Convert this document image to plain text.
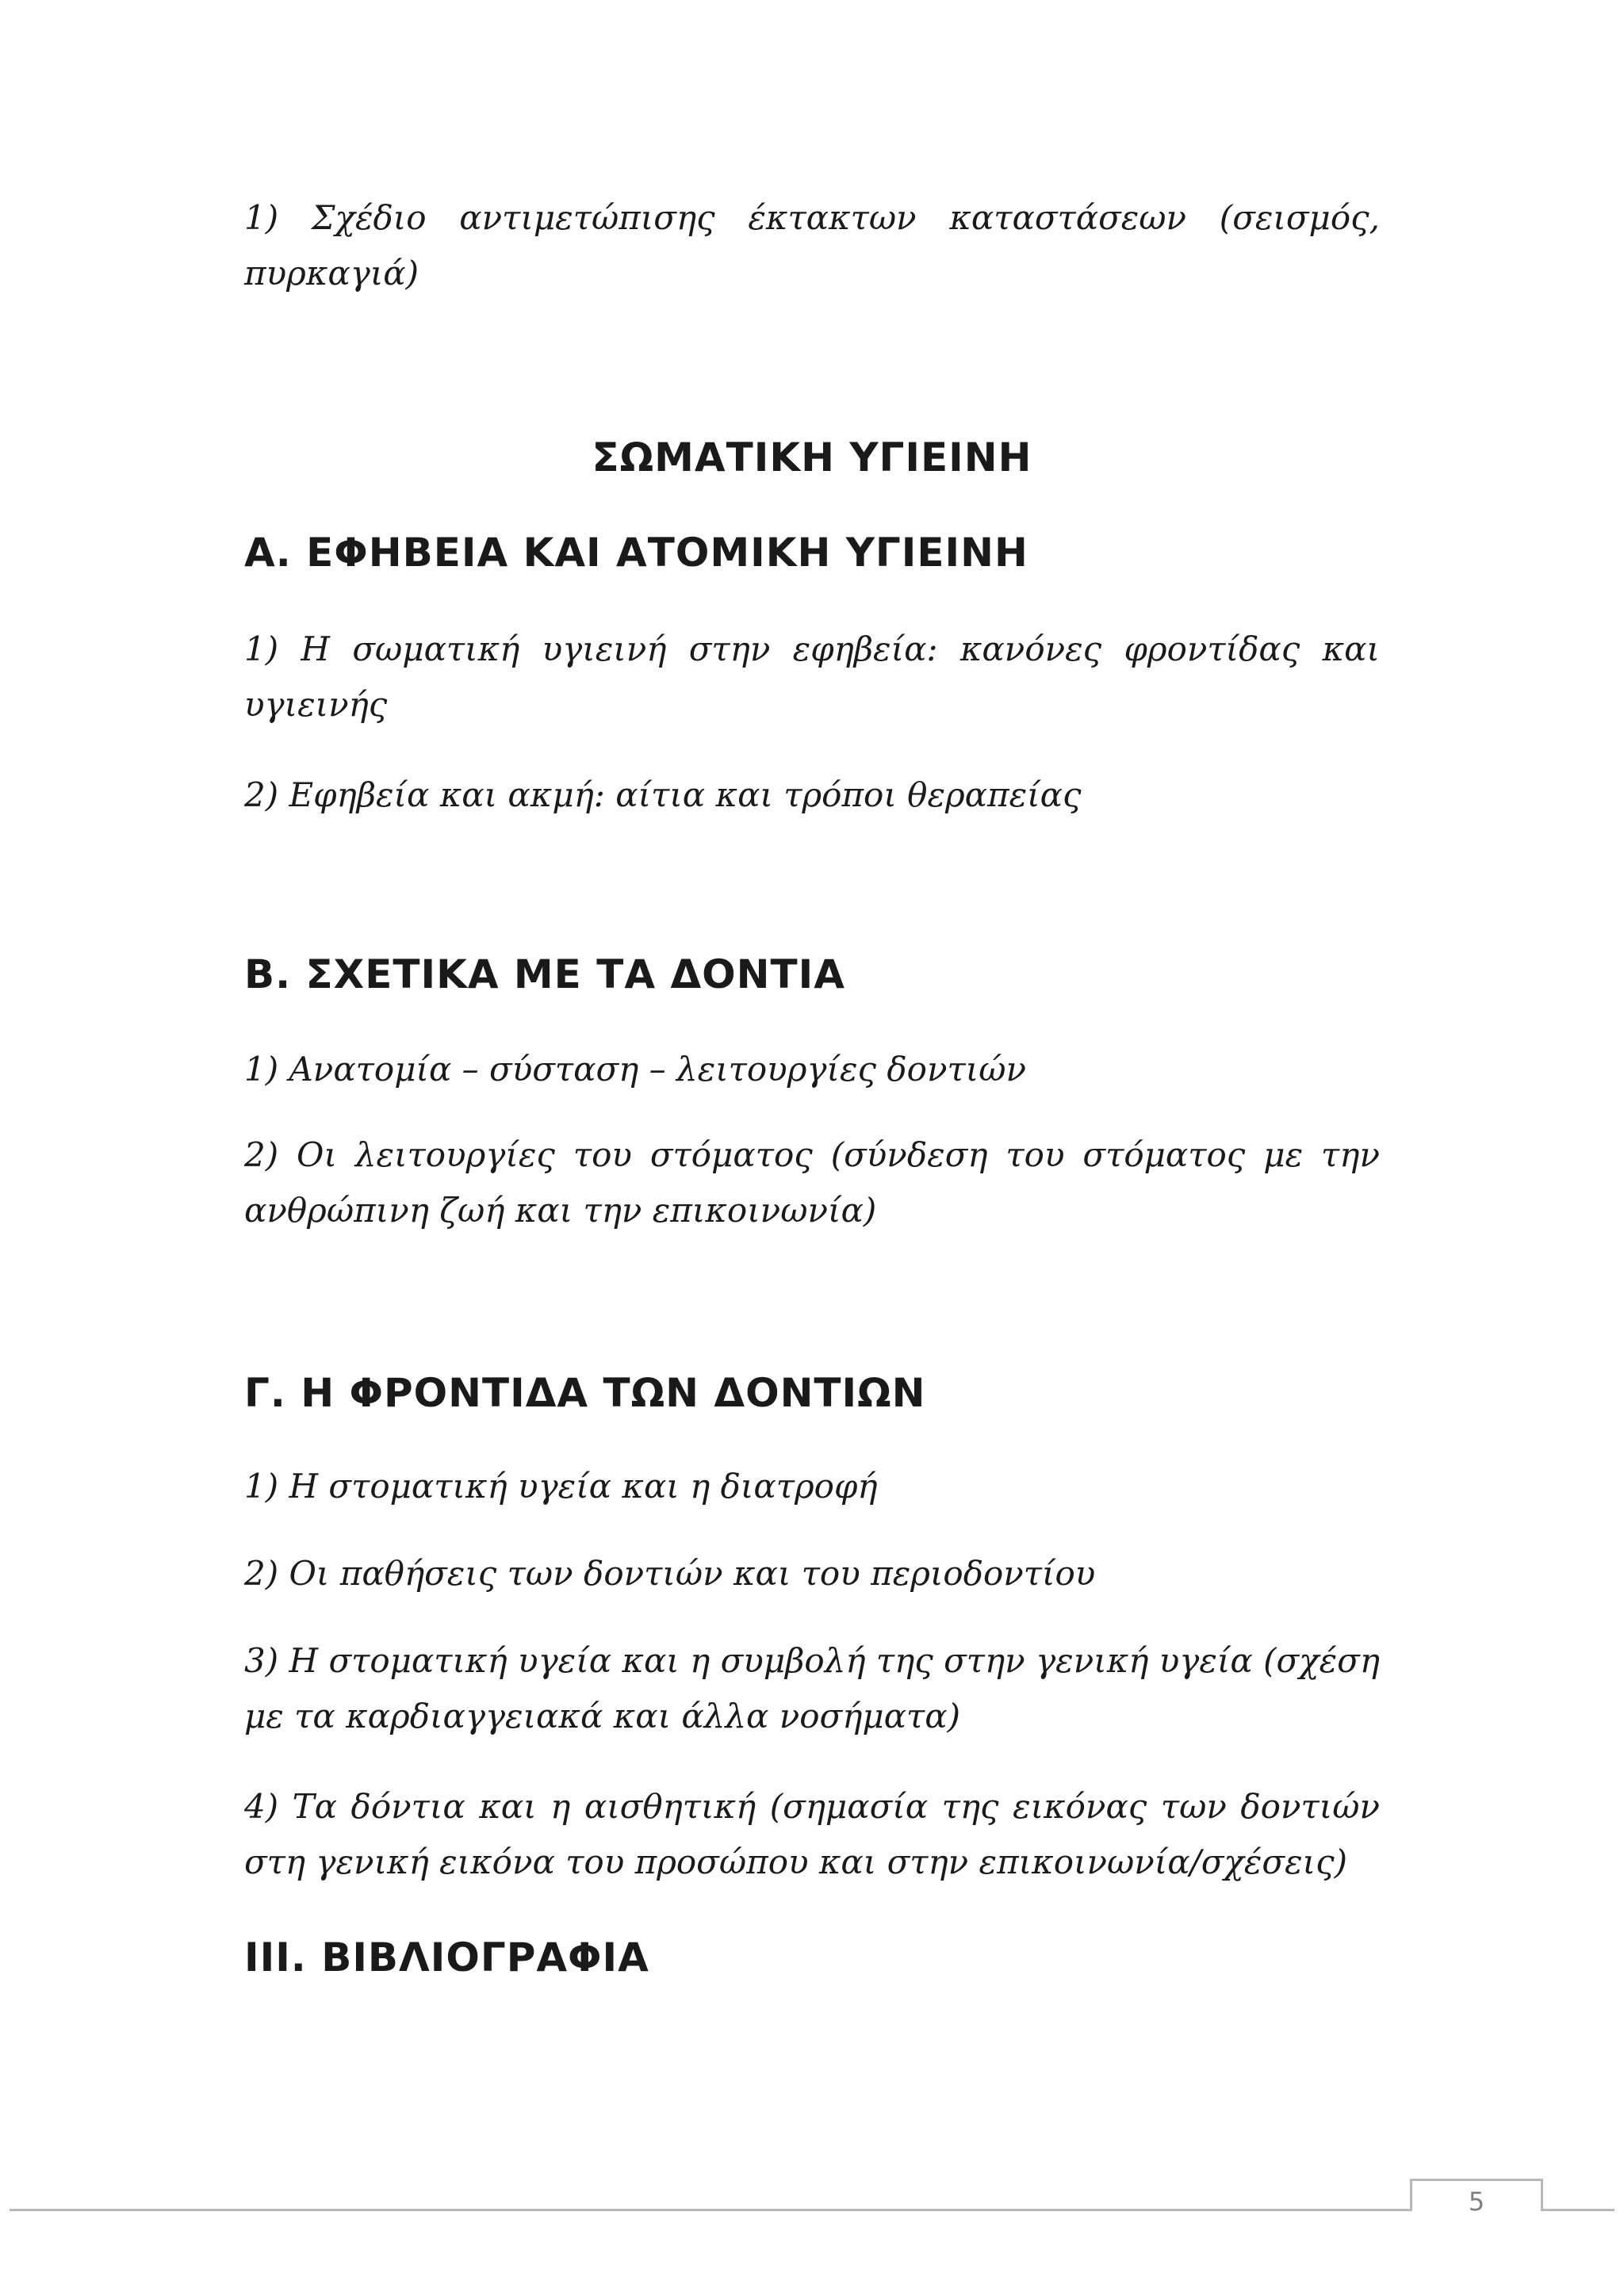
1) Σχέδιο αντιμετώπισης έκτακτων καταστάσεων (σεισμός, πυρκαγιά)

ΣΩΜΑΤΙΚΗ ΥΓΙΕΙΝΗ
Α. ΕΦΗΒΕΙΑ ΚΑΙ ΑΤΟΜΙΚΗ ΥΓΙΕΙΝΗ

1) Η σωματική υγιεινή στην εφηβεία: κανόνες φροντίδας και υγιεινής

2) Εφηβεία και ακμή: αίτια και τρόποι θεραπείας

Β. ΣΧΕΤΙΚΑ ΜΕ ΤΑ ΔΟΝΤΙΑ

1) Ανατομία – σύσταση – λειτουργίες δοντιών

2) Οι λειτουργίες του στόματος (σύνδεση του στόματος με την ανθρώπινη ζωή και την επικοινωνία)

Γ. Η ΦΡΟΝΤΙΔΑ ΤΩΝ ΔΟΝΤΙΩΝ

1) Η στοματική υγεία και η διατροφή

2) Οι παθήσεις των δοντιών και του περιοδοντίου

3) Η στοματική υγεία και η συμβολή της στην γενική υγεία (σχέση με τα καρδιαγγειακά και άλλα νοσήματα)

4) Τα δόντια και η αισθητική (σημασία της εικόνας των δοντιών στη γενική εικόνα του προσώπου και στην επικοινωνία/σχέσεις)

III. ΒΙΒΛΙΟΓΡΑΦΙΑ
5
